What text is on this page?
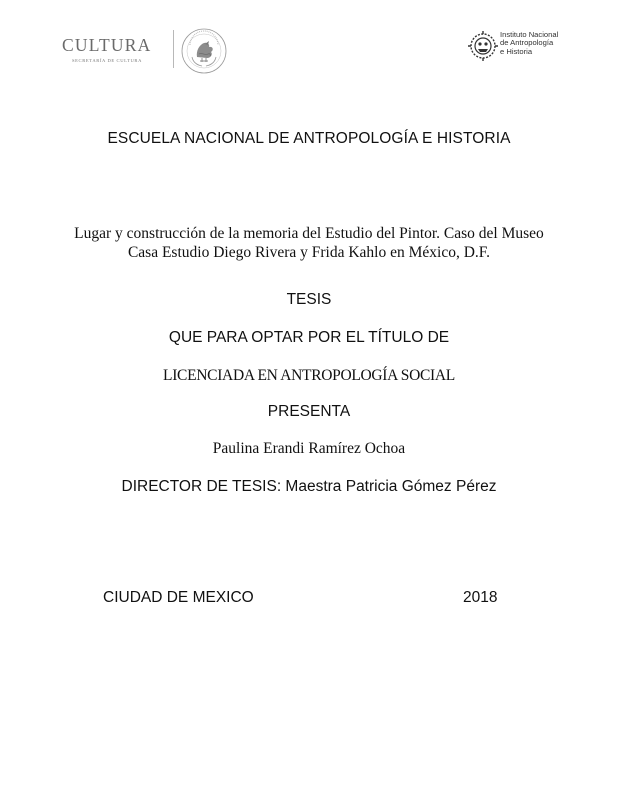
CULTURA
SECRETARÍA DE CULTURA
Instituto Nacional
de Antropología
e Historia
ESCUELA NACIONAL DE ANTROPOLOGÍA E HISTORIA
Lugar y construcción de la memoria del Estudio del Pintor. Caso del Museo
Casa Estudio Diego Rivera y Frida Kahlo en México, D.F.
TESIS
QUE PARA OPTAR POR EL TÍTULO DE
LICENCIADA EN ANTROPOLOGÍA SOCIAL
PRESENTA
Paulina Erandi Ramírez Ochoa
DIRECTOR DE TESIS: Maestra Patricia Gómez Pérez
CIUDAD DE MEXICO	2018
